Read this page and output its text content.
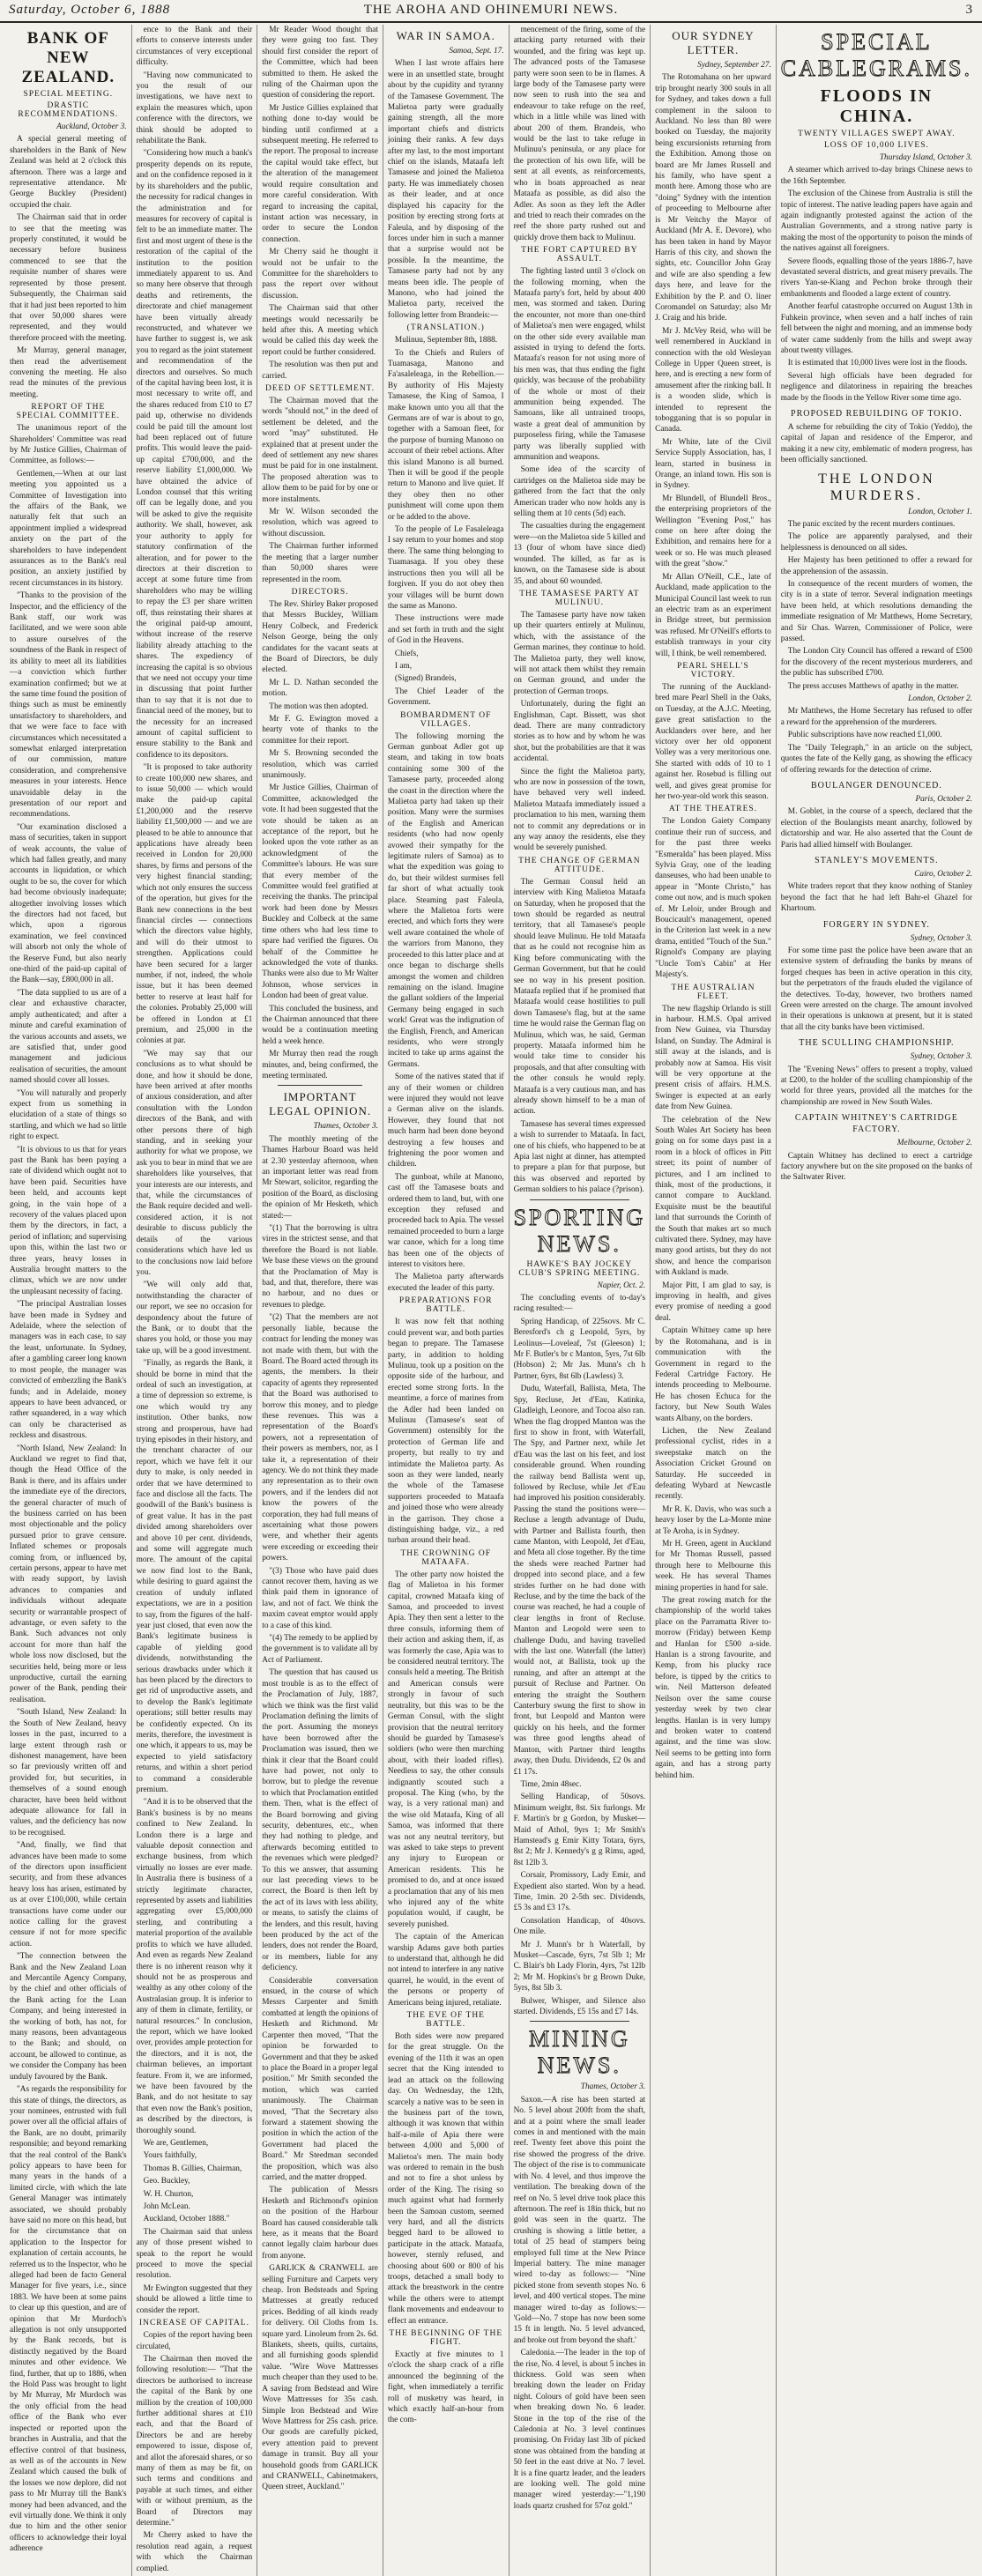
THE AROHA AND OHINEMURI NEWS.
Saturday, October 6, 1888	3
BANK OF NEW ZEALAND.
SPECIAL MEETING.
DRASTIC RECOMMENDATIONS.
Auckland, October 3.

A special general meeting of shareholders in the Bank of New Zealand was held at 2 o'clock this afternoon. There was a large and representative attendance. Mr George Buckley (President) occupied the chair.

The Chairman said that in order to see that the meeting was properly constituted, it would be necessary before business commenced to see that the requisite number of shares were represented by those present. Subsequently, the Chairman said that it had just been reported to him that over 50,000 shares were represented, and they would therefore proceed with the meeting.

Mr Murray, general manager, then read the advertisement convening the meeting. He also read the minutes of the previous meeting.

REPORT OF THE SPECIAL COMMITTEE.

The unanimous report of the Shareholders' Committee was read by Mr Justice Gillies, Chairman of Committee, as follows:—

Gentlemen,—When at our last meeting you appointed us a Committee of Investigation into the affairs of the Bank, we naturally felt that such an appointment implied a widespread anxiety on the part of the shareholders to have independent assurances as to the Bank's real position, an anxiety justified by recent circumstances in its history.

"Thanks to the provision of the Inspector, and the efficiency of the Bank staff, our work was facilitated, and we were soon able to assure ourselves of the soundness of the Bank in respect of its ability to meet all its liabilities—a conviction which further examination confirmed; but we at the same time found the position of things such as must be eminently unsatisfactory to shareholders, and that we were face to face with circumstances which necessitated a somewhat enlarged interpretation of our commission, mature consideration, and comprehensive measures in your interests. Hence unavoidable delay in the presentation of our report and recommendations.

"Our examination disclosed a mass of securities, taken in support of weak accounts, the value of which had fallen greatly, and many accounts in liquidation, or which ought to be so, the cover for which had become obviously inadequate; altogether involving losses which the directors had not faced, but which, upon a rigorous examination, we feel convinced will absorb not only the whole of the Reserve Fund, but also nearly one-third of the paid-up capital of the Bank—say, £800,000 in all.

"The data supplied to us are of a clear and exhaustive character, amply authenticated; and after a minute and careful examination of the various accounts and assets, we are satisfied that, under good management and judicious realisation of securities, the amount named should cover all losses.

"You will naturally and properly expect from us something in elucidation of a state of things so startling, and which we had so little right to expect.

"It is obvious to us that for years past the Bank has been paying a rate of dividend which ought not to have been paid. Securities have been held, and accounts kept going, in the vain hope of a recovery of the values placed upon them by the directors, in fact, a period of inflation; and supervising upon this, within the last two or three years, heavy losses in Australia brought matters to the climax, which we are now under the unpleasant necessity of facing.

"The principal Australian losses have been made in Sydney and Adelaide, where the selection of managers was in each case, to say the least, unfortunate. In Sydney, after a gambling career long known to most people, the manager was convicted of embezzling the Bank's funds; and in Adelaide, money appears to have been advanced, or rather squandered, in a way which can only be characterised as reckless and disastrous.

"North Island, New Zealand: In Auckland we regret to find that, though the Head Office of the Bank is there, and its affairs under the immediate eye of the directors, the general character of much of the business carried on has been most objectionable and the policy pursued prior to grave censure. Inflated schemes or proposals coming from, or influenced by, certain persons, appear to have met with ready support, by lavish advances to companies and individuals without adequate security or warrantable prospect of advantage, or even safety to the Bank. Such advances not only account for more than half the whole loss now disclosed, but the securities held, being more or less unproductive, curtail the earning power of the Bank, pending their realisation.

"South Island, New Zealand: In the South of New Zealand, heavy losses in the past, incurred to a large extent through rash or dishonest management, have been so far previously written off and provided for, but securities, in themselves of a sound enough character, have been held without adequate allowance for fall in values, and the deficiency has now to be recognised.

"And, finally, we find that advances have been made to some of the directors upon insufficient security, and from these advances heavy loss has arisen, estimated by us at over £100,000, while certain transactions have come under our notice calling for the gravest censure if not for more specific action.

"The connection between the Bank and the New Zealand Loan and Mercantile Agency Company, by the chief and other officials of the Bank acting for the Loan Company, and being interested in the working of both, has not, for many reasons, been advantageous to the Bank; and should, on account, be allowed to continue, as we consider the Company has been unduly favoured by the Bank.

"As regards the responsibility for this state of things, the directors, as your nominees, entrusted with full power over all the official affairs of the Bank, are no doubt, primarily responsible; and beyond remarking that the real control of the Bank's policy appears to have been for many years in the hands of a limited circle, with which the late General Manager was intimately associated, we should probably have said no more on this head, but for the circumstance that on application to the Inspector for explanation of certain accounts, he referred us to the Inspector, who he alleged had been de facto General Manager for five years, i.e., since 1883. We have been at some pains to clear up this question, and are of opinion that Mr Murdoch's allegation is not only unsupported by the Bank records, but is distinctly negatived by the Board minutes and other evidence. We find, further, that up to 1886, when the Hold Pass was brought to light by Mr Murray, Mr Murdoch was the only official from the head office of the Bank who ever inspected or reported upon the branches in Australia, and that the effective control of that business, as well as of the accounts in New Zealand which caused the bulk of the losses we now deplore, did not pass to Mr Murray till the Bank's money had been advanced, and the evil virtually done. We think it only due to him and the other senior officers to acknowledge their loyal adherence

ence to the Bank and their efforts to conserve interests under circumstances of very exceptional difficulty.

"Having now communicated to you the result of our investigations, we have next to explain the measures which, upon conference with the directors, we think should be adopted to rehabilitate the Bank.

"Considering how much a bank's prosperity depends on its repute, and on the confidence reposed in it by its shareholders and the public, the necessity for radical changes in the administration and for measures for recovery of capital is felt to be an immediate matter. The first and most urgent of these is the restoration of the capital of the institution to the position immediately apparent to us. And so many here observe that through deaths and retirements, the directorate and chief management have been virtually already reconstructed, and whatever we have further to suggest is, we ask you to regard as the joint statement and recommendation of the directors and ourselves. So much of the capital having been lost, it is most necessary to write off, and the shares reduced from £10 to £7 paid up, otherwise no dividends could be paid till the amount lost had been replaced out of future profits. This would leave the paid-up capital £700,000, and the reserve liability £1,000,000. We have obtained the advice of London counsel that this writing off can be legally done, and you will be asked to give the requisite authority. We shall, however, ask your authority to apply for statutory confirmation of the alteration, and for power to the directors at their discretion to accept at some future time from shareholders who may be willing to repay the £3 per share written off, thus reinstating their shares at the original paid-up amount, without increase of the reserve liability already attaching to the shares. The expediency of increasing the capital is so obvious that we need not occupy your time in discussing that point further than to say that it is not due to financial need of the money, but to the necessity for an increased amount of capital sufficient to ensure stability to the Bank and confidence to its depositors.

"It is proposed to take authority to create 100,000 new shares, and to issue 50,000 — which would make the paid-up capital £1,200,000 and the reserve liability £1,500,000 — and we are pleased to be able to announce that applications have already been received in London for 20,000 shares, by firms and persons of the very highest financial standing; which not only ensures the success of the operation, but gives for the Bank new connections in the best financial circles — connections which the directors value highly, and will do their utmost to strengthen. Applications could have been secured for a larger number, if not, indeed, the whole issue, but it has been deemed better to reserve at least half for the colonies. Probably 25,000 will be offered in London at £1 premium, and 25,000 in the colonies at par.

"We may say that our conclusions as to what should be done, and how it should be done, have been arrived at after months of anxious consideration, and after consultation with the London directors of the Bank, and with other persons there of high standing, and in seeking your authority for what we propose, we ask you to bear in mind that we are shareholders like yourselves, that your interests are our interests, and that, while the circumstances of the Bank require decided and well-considered action, it is not desirable to discuss publicly the details of the various considerations which have led us to the conclusions now laid before you.

"We will only add that, notwithstanding the character of our report, we see no occasion for despondency about the future of the Bank, or to doubt that the shares you hold, or those you may take up, will be a good investment.

"Finally, as regards the Bank, it should be borne in mind that the ordeal of such an investigation, at a time of depression so extreme, is one which would try any institution. Other banks, now strong and prosperous, have had trying episodes in their history, and the trenchant character of our report, which we have felt it our duty to make, is only needed in order that we have determined to face and disclose all the facts. The goodwill of the Bank's business is of great value. It has in the past divided among shareholders over and above 10 per cent. dividends, and some will aggregate much more. The amount of the capital we now find lost to the Bank, while desiring to guard against the creation of unduly inflated expectations, we are in a position to say, from the figures of the half-year just closed, that even now the Bank's legitimate business is capable of yielding good dividends, notwithstanding the serious drawbacks under which it has been placed by the directors to get rid of unproductive assets, and to develop the Bank's legitimate operations; still better results may be confidently expected. On its merits, therefore, the investment is one which, it appears to us, may be expected to yield satisfactory returns, and within a short period to command a considerable premium.

"And it is to be observed that the Bank's business is by no means confined to New Zealand. In London there is a large and valuable deposit connection and exchange business, from which virtually no losses are ever made. In Australia there is business of a strictly legitimate character, represented by assets and liabilities aggregating over £5,000,000 sterling, and contributing a material proportion of the available profits to which we have alluded. And even as regards New Zealand there is no inherent reason why it should not be as prosperous and wealthy as any other colony of the Australasian group. It is inferior to any of them in climate, fertility, or natural resources." In conclusion, the report, which we have looked over, provides ample protection for the directors, and it is not, the chairman believes, an important feature. From it, we are informed, we have been favoured by the Bank, and do not hesitate to say that even now the Bank's position, as described by the directors, is thoroughly sound.

We are, Gentlemen,

Yours faithfully,

Thomas B. Gillies, Chairman,

Geo. Buckley,

W. H. Churton,

John McLean.

Auckland, October 1888."

The Chairman said that unless any of those present wished to speak to the report he would proceed to move the special resolution.

Mr Ewington suggested that they should be allowed a little time to consider the report.

INCREASE OF CAPITAL.

Copies of the report having been circulated,

The Chairman then moved the following resolution:— "That the directors be authorised to increase the capital of the Bank by one million by the creation of 100,000 further additional shares at £10 each, and that the Board of Directors be and are hereby empowered to issue, dispose of, and allot the aforesaid shares, or so many of them as may be fit, on such terms and conditions and payable at such times, and either with or without premium, as the Board of Directors may determine."

Mr Cherry asked to have the resolution read again, a request with which the Chairman complied.

Mr Reader Wood thought that they were going too fast. They should first consider the report of the Committee, which had been submitted to them. He asked the ruling of the Chairman upon the question of considering the report.

Mr Justice Gillies explained that nothing done to-day would be binding until confirmed at a subsequent meeting. He referred to the report. The proposal to increase the capital would take effect, but the alteration of the management would require consultation and more careful consideration. With regard to increasing the capital, instant action was necessary, in order to secure the London connection.

Mr Cherry said he thought it would not be unfair to the Committee for the shareholders to pass the report over without discussion.

The Chairman said that other meetings would necessarily be held after this. A meeting which would be called this day week the report could be further considered.

The resolution was then put and carried.

DEED OF SETTLEMENT.

The Chairman moved that the words "should not," in the deed of settlement be deleted, and the word "may" substituted. He explained that at present under the deed of settlement any new shares must be paid for in one instalment. The proposed alteration was to allow them to be paid for by one or more instalments.

Mr W. Wilson seconded the resolution, which was agreed to without discussion.

The Chairman further informed the meeting that a larger number than 50,000 shares were represented in the room.

DIRECTORS.

The Rev. Shirley Baker proposed that Messrs Buckley, William Henry Colbeck, and Frederick Nelson George, being the only candidates for the vacant seats at the Board of Directors, be duly elected.

Mr L. D. Nathan seconded the motion.

The motion was then adopted.

Mr F. G. Ewington moved a hearty vote of thanks to the committee for their report.

Mr S. Browning seconded the resolution, which was carried unanimously.

Mr Justice Gillies, Chairman of Committee, acknowledged the vote. It had been suggested that the vote should be taken as an acceptance of the report, but he looked upon the vote rather as an acknowledgment of the Committee's labours. He was sure that every member of the Committee would feel gratified at receiving the thanks. The principal work had been done by Messrs Buckley and Colbeck at the same time others who had less time to spare had verified the figures. On behalf of the Committee he acknowledged the vote of thanks. Thanks were also due to Mr Walter Johnson, whose services in London had been of great value.

This concluded the business, and the Chairman announced that there would be a continuation meeting held a week hence.

Mr Murray then read the rough minutes, and, being confirmed, the meeting terminated.

IMPORTANT LEGAL OPINION.
Thames, October 3.

The monthly meeting of the Thames Harbour Board was held at 2.30 yesterday afternoon, when an important letter was read from Mr Stewart, solicitor, regarding the position of the Board, as disclosing the opinion of Mr Hesketh, which stated:—

"(1) That the borrowing is ultra vires in the strictest sense, and that therefore the Board is not liable. We base these views on the ground that the Proclamation of May is bad, and that, therefore, there was no harbour, and no dues or revenues to pledge.

"(2) That the members are not personally liable, because the contract for lending the money was not made with them, but with the Board. The Board acted through its agents, the members. In their capacity of agents they represented that the Board was authorised to borrow this money, and to pledge these revenues. This was a representation of the Board's powers, not a representation of their powers as members, nor, as I take it, a representation of their agency. We do not think they made any representation as to their own powers, and if the lenders did not know the powers of the corporation, they had full means of ascertaining what those powers were, and whether their agents were exceeding or exceeding their powers.

"(3) Those who have paid dues cannot recover them, having as we think paid them in ignorance of law, and not of fact. We think the maxim caveat emptor would apply to a case of this kind.

"(4) The remedy to be applied by the government is to validate all by Act of Parliament.

The question that has caused us most trouble is as to the effect of the Proclamation of July, 1887, which we think was the first valid Proclamation defining the limits of the port. Assuming the moneys have been borrowed after the Proclamation was issued, then we think it clear that the Board could have had power, not only to borrow, but to pledge the revenue to which that Proclamation entitled them. Then, what is the effect of the Board borrowing and giving security, debentures, etc., when they had nothing to pledge, and afterwards becoming entitled to the revenues which were pledged? To this we answer, that assuming our last preceding views to be correct, the Board is then left by the act of its laws with less ability, or means, to satisfy the claims of the lenders, and this result, having been produced by the act of the lenders, does not render the Board, or its members, liable for any deficiency.

Considerable conversation ensued, in the course of which Messrs Carpenter and Smith combatted at length the opinions of Hesketh and Richmond. Mr Carpenter then moved, "That the opinion be forwarded to Government and that they be asked to place the Board in a proper legal position." Mr Smith seconded the motion, which was carried unanimously. The Chairman moved, "That the Secretary also forward a statement showing the position in which the action of the Government had placed the Board." Mr Steedman seconded the proposition, which was also carried, and the matter dropped.

The publication of Messrs Hesketh and Richmond's opinion on the position of the Harbour Board has caused considerable talk here, as it means that the Board cannot legally claim harbour dues from anyone.

GARLICK & CRANWELL are selling Furniture and Carpets very cheap. Iron Bedsteads and Spring Mattresses at greatly reduced prices. Bedding of all kinds ready for delivery. Oil Cloths from 1s. square yard. Linoleum from 2s. 6d. Blankets, sheets, quilts, curtains, and all furnishing goods splendid value. "Wire Wove Mattresses much cheaper than they used to be. A saving from Bedstead and Wire Wove Mattresses for 35s cash. Simple Iron Bedstead and Wire Wove Mattress for 25s cash. price. Our goods are carefully picked, every attention paid to prevent damage in transit. Buy all your household goods from GARLICK and CRANWELL, Cabinetmakers, Queen street, Auckland."

WAR IN SAMOA.
Samoa, Sept. 17.

When I last wrote affairs here were in an unsettled state, brought about by the cupidity and tyranny of the Tamasese Government. The Malietoa party were gradually gaining strength, all the more important chiefs and districts joining their ranks. A few days after my last, to the most important chief on the islands, Mataafa left Tamasese and joined the Malietoa party. He was immediately chosen as their leader, and at once displayed his capacity for the position by erecting strong forts at Faleula, and by disposing of the forces under him in such a manner that a surprise would not be possible. In the meantime, the Tamasese party had not by any means been idle. The people of Manono, who had joined the Malietoa party, received the following letter from Brandeis:—

(TRANSLATION.)

Mulinuu, September 8th, 1888.

To the Chiefs and Rulers of Tuamasaga, Manono and Fa'asaleleaga, in the Rebellion.—By authority of His Majesty Tamasese, the King of Samoa, I make known unto you all that the Germans are of war is about to go, together with a Samoan fleet, for the purpose of burning Manono on account of their rebel actions. After this island Manono is all burned. Then it will be good if the people return to Manono and live quiet. If they obey then no other punishment will come upon them or be added to the above.

To the people of Le Fasaleleaga I say return to your homes and stop there. The same thing belonging to Tuamasaga. If you obey these instructions then you will all be forgiven. If you do not obey then your villages will be burnt down the same as Manono.

These instructions were made and set forth in truth and the sight of God in the Heavens.

Chiefs,

I am,

(Signed) Brandeis,

The Chief Leader of the Government.

BOMBARDMENT OF VILLAGES.

The following morning the German gunboat Adler got up steam, and taking in tow boats containing some 300 of the Tamasese party, proceeded along the coast in the direction where the Malietoa party had taken up their position. Many were the surmises of the English and American residents (who had now openly avowed their sympathy for the legitimate rulers of Samoa) as to what the expedition was going to do, but their wildest surmises fell far short of what actually took place. Steaming past Faleula, where the Malietoa forts were erected, and which forts they were well aware contained the whole of the warriors from Manono, they proceeded to this latter place and at once began to discharge shells amongst the women and children remaining on the island. Imagine the gallant soldiers of the Imperial Germany being engaged in such work! Great was the indignation of the English, French, and American residents, who were strongly incited to take up arms against the Germans.

Some of the natives stated that if any of their women or children were injured they would not leave a German alive on the islands. However, they found that not much harm had been done beyond destroying a few houses and frightening the poor women and children.

The gunboat, while at Manono, cast off the Tamasese boats and ordered them to land, but, with one exception they refused and proceeded back to Apia. The vessel remained proceeded to burn a large war canoe, which for a long time has been one of the objects of interest to visitors here.

The Malietoa party afterwards executed the leader of this party.

PREPARATIONS FOR BATTLE.

It was now felt that nothing could prevent war, and both parties began to prepare. The Tamasese party, in addition to holding Mulinuu, took up a position on the opposite side of the harbour, and erected some strong forts. In the meantime, a force of marines from the Adler had been landed on Mulinuu (Tamasese's seat of Government) ostensibly for the protection of German life and property, but really to try and intimidate the Malietoa party. As soon as they were landed, nearly the whole of the Tamasese supporters proceeded to Mataafa and joined those who were already in the garrison. They chose a distinguishing badge, viz., a red turban around their head.

THE CROWNING OF MATAAFA.

The other party now hoisted the flag of Malietoa in his former capital, crowned Mataafa king of Samoa, and proceeded to invest Apia. They then sent a letter to the three consuls, informing them of their action and asking them, if, as was formerly the case, Apia was to be considered neutral territory. The consuls held a meeting. The British and American consuls were strongly in favour of such neutrality, but this was to be the German Consul, with the slight provision that the neutral territory should be guarded by Tamasese's soldiers (who were then marching about, with their loaded rifles). Needless to say, the other consuls indignantly scouted such a proposal. The King (who, by the way, is a very rational man) and the wise old Mataafa, King of all Samoa, was informed that there was not any neutral territory, but was asked to take steps to prevent any injury to European or American residents. This he promised to do, and at once issued a proclamation that any of his men who injured any of the white population would, if caught, be severely punished.

The captain of the American warship Adams gave both parties to understand that, although he did not intend to interfere in any native quarrel, he would, in the event of the persons or property of Americans being injured, retaliate.

THE EVE OF THE BATTLE.

Both sides were now prepared for the great struggle. On the evening of the 11th it was an open secret that the King intended to lead an attack on the following day. On Wednesday, the 12th, scarcely a native was to be seen in the business part of the town, although it was known that within half-a-mile of Apia there were between 4,000 and 5,000 of Malietoa's men. The main body was ordered to remain in the bush and not to fire a shot unless by order of the King. The rising so much against what had formerly been the Samoan custom, seemed very hard, and all the districts begged hard to be allowed to participate in the attack. Mataafa, however, sternly refused, and choosing about 600 or 800 of his troops, detached a small body to attack the breastwork in the centre while the others were to attempt flank movements and endeavour to effect an entrance.

THE BEGINNING OF THE FIGHT.

Exactly at five minutes to 1 o'clock the sharp crack of a rifle announced the beginning of the fight, when immediately a terrific roll of musketry was heard, in which exactly half-an-hour from the com-

mencement of the firing, some of the attacking party returned with their wounded, and the firing was kept up. The advanced posts of the Tamasese party were soon seen to be in flames. A large body of the Tamasese party were now seen to rush into the sea and endeavour to take refuge on the reef, which in a little while was lined with about 200 of them. Brandeis, who would be the last to take refuge in Mulinuu's peninsula, or any place for the protection of his own life, will be sent at all events, as reinforcements, who in boats approached as near Mataafa as possible, as did also the Adler. As soon as they left the Adler and tried to reach their comrades on the reef the shore party rushed out and quickly drove them back to Mulinuu.

THE FORT CAPTURED BY ASSAULT.

The fighting lasted until 3 o'clock on the following morning, when the Mataafa party's fort, held by about 400 men, was stormed and taken. During the encounter, not more than one-third of Malietoa's men were engaged, whilst on the other side every available man assisted in trying to defend the forts. Mataafa's reason for not using more of his men was, that thus ending the fight quickly, was because of the probability of the whole or most of their ammunition being expended. The Samoans, like all untrained troops, waste a great deal of ammunition by purposeless firing, while the Tamasese party was liberally supplied with ammunition and weapons.

Some idea of the scarcity of cartridges on the Malietoa side may be gathered from the fact that the only American trader who now holds any is selling them at 10 cents (5d) each.

The casualties during the engagement were—on the Malietoa side 5 killed and 13 (four of whom have since died) wounded. The killed, as far as is known, on the Tamasese side is about 35, and about 60 wounded.

THE TAMASESE PARTY AT MULINUU.

The Tamasese party have now taken up their quarters entirely at Mulinuu, which, with the assistance of the German marines, they continue to hold. The Malietoa party, they well know, will not attack them whilst they remain on German ground, and under the protection of German troops.

Unfortunately, during the fight an Englishman, Capt. Bissett, was shot dead. There are many contradictory stories as to how and by whom he was shot, but the probabilities are that it was accidental.

Since the fight the Malietoa party, who are now in possession of the town, have behaved very well indeed. Malietoa Mataafa immediately issued a proclamation to his men, warning them not to commit any depredations or in any way annoy the residents, else they would be severely punished.

THE CHANGE OF GERMAN ATTITUDE.

The German Consul held an interview with King Malietoa Mataafa on Saturday, when he proposed that the town should be regarded as neutral territory, that all Tamasese's people should leave Mulinuu. He told Mataafa that as he could not recognise him as King before communicating with the German Government, but that he could see no way in his present position. Mataafa replied that if he promised that Mataafa would cease hostilities to pull down Tamasese's flag, but at the same time he would raise the German flag on Mulinuu, which was, he said, German property. Mataafa informed him he would take time to consider his proposals, and that after consulting with the other consuls he would reply. Mataafa is a very cautious man, and has already shown himself to be a man of action.

Tamasese has several times expressed a wish to surrender to Mataafa. In fact, one of his chiefs, who happened to be at Apia last night at dinner, has attempted to prepare a plan for that purpose, but this was observed and reported by German soldiers to his palace (?prison).

SPORTING NEWS.
HAWKE'S BAY JOCKEY CLUB'S SPRING MEETING.
Napier, Oct. 2.

The concluding events of to-day's racing resulted:—

Spring Handicap, of 225sovs. Mr C. Beresford's ch g Leopold, 5yrs, by Leolinus—Loveleaf, 7st (Gleeson) 1; Mr F. Butler's br c Manton, 5yrs, 7st 6lb (Hobson) 2; Mr Jas. Munn's ch h Partner, 6yrs, 8st 6lb (Lawless) 3.

Dudu, Waterfall, Ballista, Meta, The Spy, Recluse, Jet d'Eau, Katinka, Gladleigh, Leonore, and Tocoa also ran. When the flag dropped Manton was the first to show in front, with Waterfall, The Spy, and Partner next, while Jet d'Eau was the last on his feet, and lost considerable ground. When rounding the railway bend Ballista went up, followed by Recluse, while Jet d'Eau had improved his position considerably. Passing the stand the positions were—Recluse a length advantage of Dudu, with Partner and Ballista fourth, then came Manton, with Leopold, Jet d'Eau, and Meta all close together. By the time the sheds were reached Partner had dropped into second place, and a few strides further on he had done with Recluse, and by the time the back of the course was reached, he had a couple of clear lengths in front of Recluse. Manton and Leopold were seen to challenge Dudu, and having travelled with the last one. Waterfall (the latter) would not, at Ballista, took up the running, and after an attempt at the pursuit of Recluse and Partner. On entering the straight the Southern Canterbury swung the first to show in front, but Leopold and Manton were quickly on his heels, and the former was three good lengths ahead of Manton, with Partner third lengths away, then Dudu. Dividends, £2 0s and £1 17s.

Time, 2min 48sec.

Selling Handicap, of 50sovs. Minimum weight, 8st. Six furlongs. Mr F. Martin's br g Gordon, by Musket—Maid of Athol, 9yrs 1; Mr Smith's Hamstead's g Emir Kitty Totara, 6yrs, 8st 2; Mr J. Kennedy's g g Rimu, aged, 8st 12lb 3.

Corsair, Promissory, Lady Emir, and Expedient also started. Won by a head. Time, 1min. 20 2-5th sec. Dividends, £5 3s and £3 17s.

Consolation Handicap, of 40sovs. One mile.

Mr J. Munn's br h Waterfall, by Musket—Cascade, 6yrs, 7st 5lb 1; Mr C. Blair's bh Lady Florin, 4yrs, 7st 12lb 2; Mr M. Hopkins's br g Brown Duke, 5yrs, 8st 5lb 3.

Bulwer, Whisper, and Silence also started. Dividends, £5 15s and £7 14s.

MINING NEWS.
Thames, October 3.

Saxon.—A rise has been started at No. 5 level about 200ft from the shaft, and at a point where the small leader comes in and mentioned with the main reef. Twenty feet above this point the rise showed the progress of the drive. The object of the rise is to communicate with No. 4 level, and thus improve the ventilation. The breaking down of the reef on No. 5 level drive took place this afternoon. The reef is 18in thick, but no gold was seen in the quartz. The crushing is showing a little better, a total of 25 head of stampers being employed full time at the New Prince Imperial battery. The mine manager wired to-day as follows:— "Nine picked stone from seventh stopes No. 6 level, and 400 vertical stopes. The mine manager wired to-day as follows:— 'Gold—No. 7 stope has now been some 15 ft in length. No. 5 level advanced, and broke out from beyond the shaft.'

Caledonia.—The leader in the top of the rise, No. 4 level, is about 5 inches in thickness. Gold was seen when breaking down the leader on Friday night. Colours of gold have been seen when breaking down No. 6 leader. Stone in the top of the rise of the Caledonia at No. 3 level continues promising. On Friday last 3lb of picked stone was obtained from the banding at 50 feet in the east drive at No. 7 level. It is a fine quartz leader, and the leaders are looking well. The gold mine manager wired yesterday:—"1,190 loads quartz crushed for 57oz gold."

OUR SYDNEY LETTER.
Sydney, September 27.

The Rotomahana on her upward trip brought nearly 300 souls in all for Sydney, and takes down a full complement in the saloon to Auckland. No less than 80 were booked on Tuesday, the majority being excursionists returning from the Exhibition. Among those on board are Mr James Russell and his family, who have spent a month here. Among those who are "doing" Sydney with the intention of proceeding to Melbourne after is Mr Veitchy the Mayor of Auckland (Mr A. E. Devore), who has been taken in hand by Mayor Harris of this city, and shown the sights, etc. Councillor John Gray and wife are also spending a few days here, and leave for the Exhibition by the P. and O. liner Coromandel on Saturday; also Mr J. Craig and his bride.

Mr J. McVey Reid, who will be well remembered in Auckland in connection with the old Wesleyan College in Upper Queen street, is here, and is erecting a new form of amusement after the rinking ball. It is a wooden slide, which is intended to represent the tobogganing that is so popular in Canada.

Mr White, late of the Civil Service Supply Association, has, I learn, started in business in Orange, an inland town. His son is in Sydney.

Mr Blundell, of Blundell Bros., the enterprising proprietors of the Wellington "Evening Post," has come on here after doing the Exhibition, and remains here for a week or so. He was much pleased with the great "show."

Mr Allan O'Neill, C.E., late of Auckland, made application to the Municipal Council last week to run an electric tram as an experiment in Bridge street, but permission was refused. Mr O'Neill's efforts to establish tramways in your city will, I think, be well remembered.

PEARL SHELL'S VICTORY.

The running of the Auckland-bred mare Pearl Shell in the Oaks, on Tuesday, at the A.J.C. Meeting, gave great satisfaction to the Aucklanders over here, and her victory over her old opponent Volley was a very meritorious one. She started with odds of 10 to 1 against her. Rosebud is filling out well, and gives great promise for her two-year-old work this season.

AT THE THEATRES.

The London Gaiety Company continue their run of success, and for the past three weeks "Esmeralda" has been played. Miss Sylvia Gray, one of the leading danseuses, who had been unable to appear in "Monte Christo," has come out now, and is much spoken of. Mr Leloir, under Brough and Boucicault's management, opened in the Criterion last week in a new drama, entitled "Touch of the Sun." Rignold's Company are playing "Uncle Tom's Cabin" at Her Majesty's.

THE AUSTRALIAN FLEET.

The new flagship Orlando is still in harbour. H.M.S. Opal arrived from New Guinea, via Thursday Island, on Sunday. The Admiral is still away at the islands, and is probably now at Samoa. His visit will be very opportune at the present crisis of affairs. H.M.S. Swinger is expected at an early date from New Guinea.

The celebration of the New South Wales Art Society has been going on for some days past in a room in a block of offices in Pitt street; its point of number of pictures, and I am inclined to think, most of the productions, it cannot compare to Auckland. Exquisite must be the beautiful land that surrounds the Corinth of the South that makes art so much cultivated there. Sydney, may have many good artists, but they do not show, and hence the comparison with Aukland is made.

Major Pitt, I am glad to say, is improving in health, and gives every promise of needing a good deal.

Captain Whitney came up here by the Rotomahana, and is in communication with the Government in regard to the Federal Cartridge Factory. He intends proceeding to Melbourne. He has chosen Echuca for the factory, but New South Wales wants Albany, on the borders.

Lichen, the New Zealand professional cyclist, rides in a sweepstake match on the Association Cricket Ground on Saturday. He succeeded in defeating Wybard at Newcastle recently.

Mr R. K. Davis, who was such a heavy loser by the La-Monte mine at Te Aroha, is in Sydney.

Mr H. Green, agent in Auckland for Mr Thomas Russell, passed through here to Melbourne this week. He has several Thames mining properties in hand for sale.

The great rowing match for the championship of the world takes place on the Parramatta River to-morrow (Friday) between Kemp and Hanlan for £500 a-side. Hanlan is a strong favourite, and Kemp, from his plucky race before, is tipped by the critics to win. Neil Matterson defeated Neilson over the same course yesterday week by two clear lengths. Hanlan is in very lumpy and broken water to contend against, and the time was slow. Neil seems to be getting into form again, and has a strong party behind him.

SPECIAL CABLEGRAMS.
FLOODS IN CHINA.
TWENTY VILLAGES SWEPT AWAY.
LOSS OF 10,000 LIVES.
Thursday Island, October 3.

A steamer which arrived to-day brings Chinese news to the 16th September.

The exclusion of the Chinese from Australia is still the topic of interest. The native leading papers have again and again indignantly protested against the action of the Australian Governments, and a strong native party is making the most of the opportunity to poison the minds of the natives against all foreigners.

Severe floods, equalling those of the years 1886-7, have devastated several districts, and great misery prevails. The rivers Yan-se-Kiang and Pechon broke through their embankments and flooded a large extent of country.

Another fearful catastrophe occurred on August 13th in Fuhkein province, when seven and a half inches of rain fell between the night and morning, and an immense body of water came suddenly from the hills and swept away about twenty villages.

It is estimated that 10,000 lives were lost in the floods.

Several high officials have been degraded for negligence and dilatoriness in repairing the breaches made by the floods in the Yellow River some time ago.

PROPOSED REBUILDING OF TOKIO.

A scheme for rebuilding the city of Tokio (Yeddo), the capital of Japan and residence of the Emperor, and making it a new city, emblematic of modern progress, has been officially sanctioned.

THE LONDON MURDERS.
London, October 1.

The panic excited by the recent murders continues.

The police are apparently paralysed, and their helplessness is denounced on all sides.

Her Majesty has been petitioned to offer a reward for the apprehension of the assassin.

In consequence of the recent murders of women, the city is in a state of terror. Several indignation meetings have been held, at which resolutions demanding the immediate resignation of Mr Matthews, Home Secretary, and Sir Chas. Warren, Commissioner of Police, were passed.

The London City Council has offered a reward of £500 for the discovery of the recent mysterious murderers, and the public has subscribed £700.

The press accuses Matthews of apathy in the matter.

London, October 2.

Mr Matthews, the Home Secretary has refused to offer a reward for the apprehension of the murderers.

Public subscriptions have now reached £1,000.

The "Daily Telegraph," in an article on the subject, quotes the fate of the Kelly gang, as showing the efficacy of offering rewards for the detection of crime.

BOULANGER DENOUNCED.
Paris, October 2.

M. Goblet, in the course of a speech, declared that the election of the Boulangists meant anarchy, followed by dictatorship and war. He also asserted that the Count de Paris had allied himself with Boulanger.

STANLEY'S MOVEMENTS.
Cairo, October 2.

White traders report that they know nothing of Stanley beyond the fact that he had left Bahr-el Ghazel for Khartoum.

FORGERY IN SYDNEY.
Sydney, October 3.

For some time past the police have been aware that an extensive system of defrauding the banks by means of forged cheques has been in active operation in this city, but the perpetrators of the frauds eluded the vigilance of the detectives. To-day, however, two brothers named Green were arrested on the charge. The amount involved in their operations is unknown at present, but it is stated that all the city banks have been victimised.

THE SCULLING CHAMPIONSHIP.
Sydney, October 3.

The "Evening News" offers to present a trophy, valued at £200, to the holder of the sculling championship of the world for three years, provided all the matches for the championship are rowed in New South Wales.

CAPTAIN WHITNEY'S CARTRIDGE FACTORY.
Melbourne, October 2.

Captain Whitney has declined to erect a cartridge factory anywhere but on the site proposed on the banks of the Saltwater River.
